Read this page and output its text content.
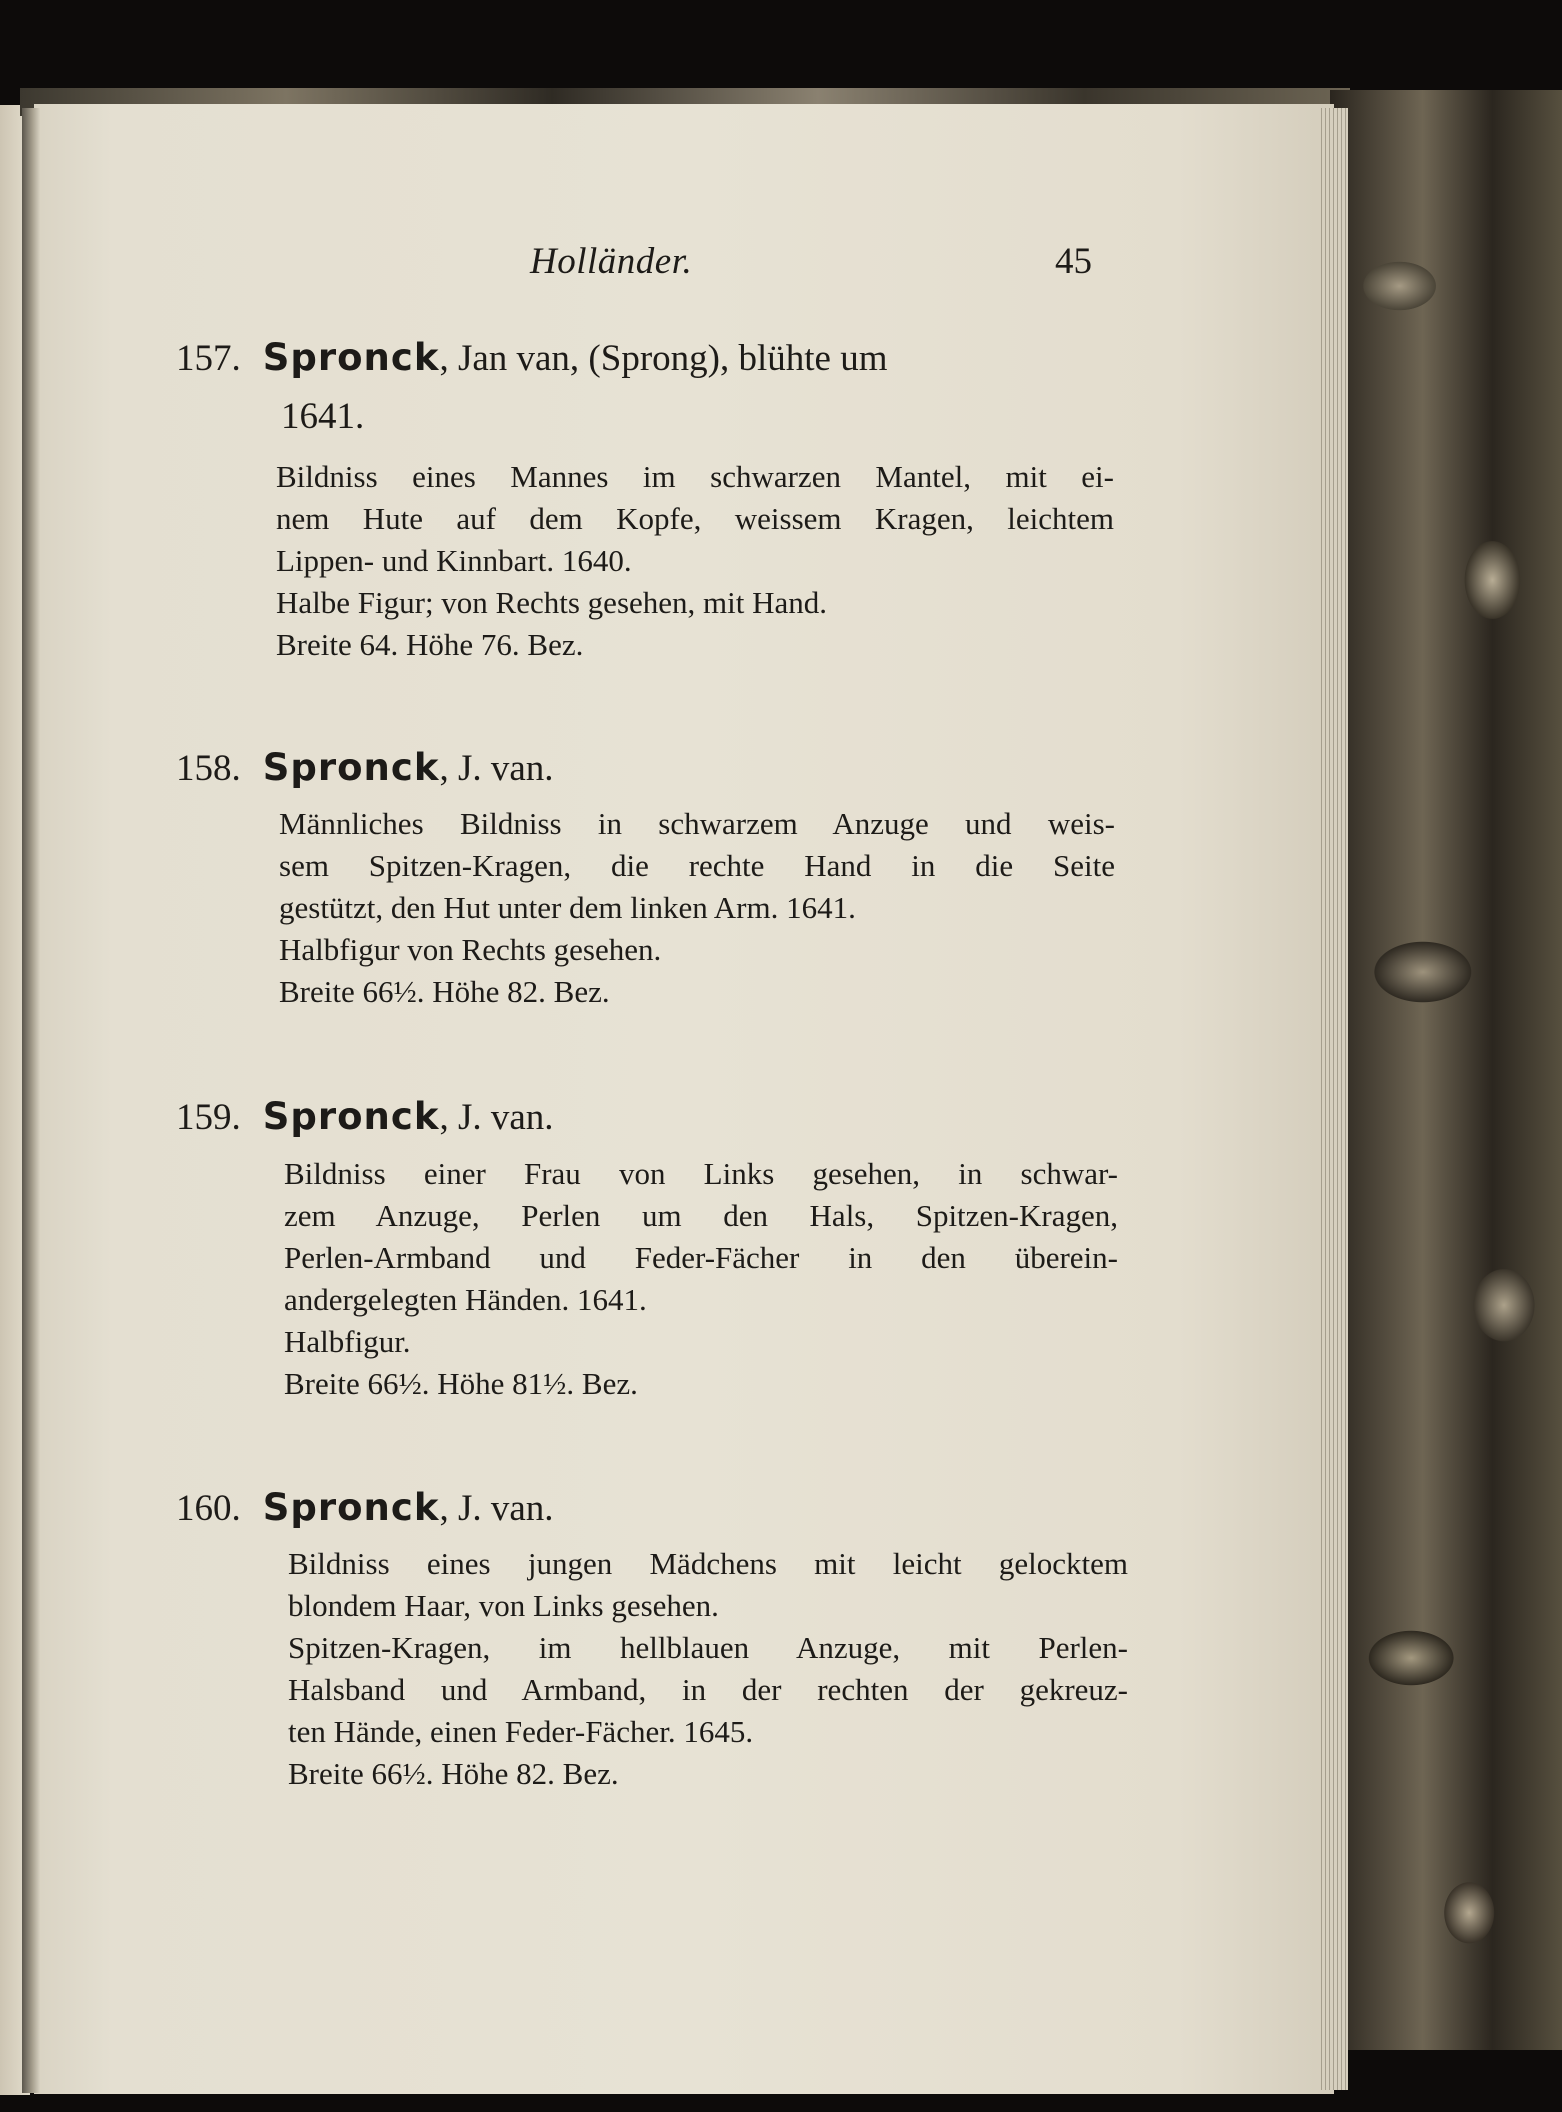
Holländer.	45
157. Spronck, Jan van, (Sprong), blühte um
1641.
Bildniss eines Mannes im schwarzen Mantel, mit ei-
nem Hute auf dem Kopfe, weissem Kragen, leichtem
Lippen- und Kinnbart. 1640.
Halbe Figur; von Rechts gesehen, mit Hand.
Breite 64. Höhe 76. Bez.
158. Spronck, J. van.
Männliches Bildniss in schwarzem Anzuge und weis-
sem Spitzen-Kragen, die rechte Hand in die Seite
gestützt, den Hut unter dem linken Arm. 1641.
Halbfigur von Rechts gesehen.
Breite 66½. Höhe 82. Bez.
159. Spronck, J. van.
Bildniss einer Frau von Links gesehen, in schwar-
zem Anzuge, Perlen um den Hals, Spitzen-Kragen,
Perlen-Armband und Feder-Fächer in den überein-
andergelegten Händen. 1641.
Halbfigur.
Breite 66½. Höhe 81½. Bez.
160. Spronck, J. van.
Bildniss eines jungen Mädchens mit leicht gelocktem
blondem Haar, von Links gesehen.
Spitzen-Kragen, im hellblauen Anzuge, mit Perlen-
Halsband und Armband, in der rechten der gekreuz-
ten Hände, einen Feder-Fächer. 1645.
Breite 66½. Höhe 82. Bez.
